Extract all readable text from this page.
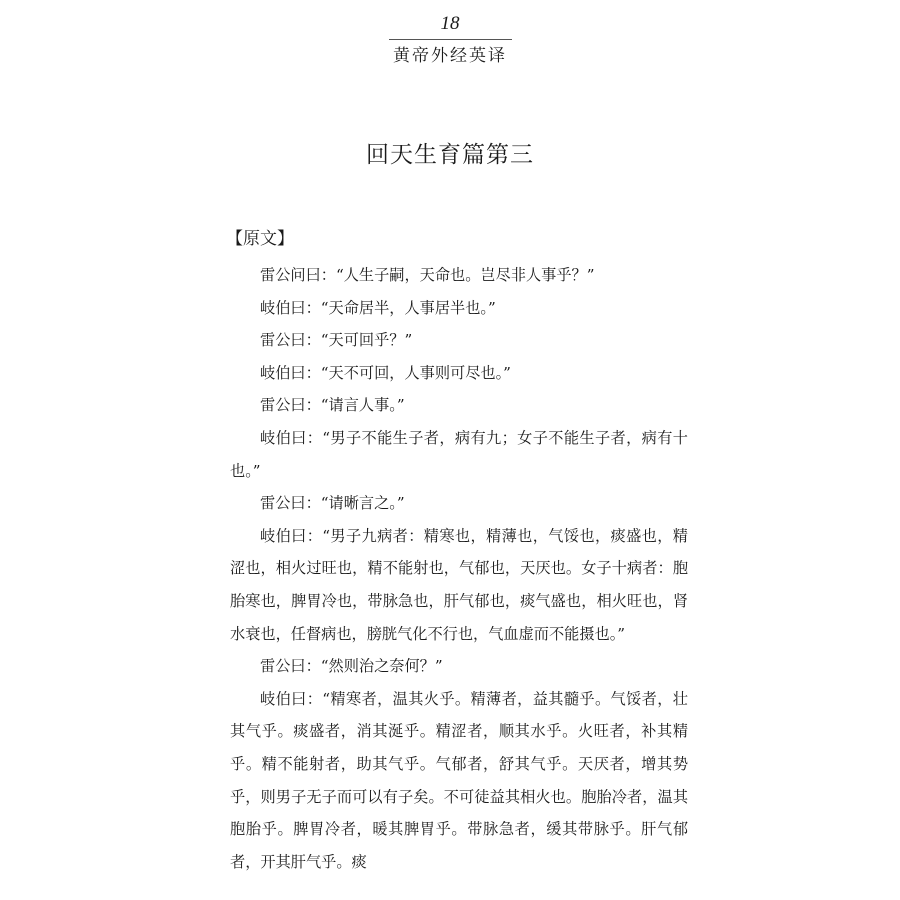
18
黄帝外经英译
回天生育篇第三
【原文】

雷公问曰：“人生子嗣，天命也。岂尽非人事乎？”

岐伯曰：“天命居半，人事居半也。”

雷公曰：“天可回乎？”

岐伯曰：“天不可回，人事则可尽也。”

雷公曰：“请言人事。”

岐伯曰：“男子不能生子者，病有九；女子不能生子者，病有十也。”

雷公曰：“请晰言之。”

岐伯曰：“男子九病者：精寒也，精薄也，气馁也，痰盛也，精涩也，相火过旺也，精不能射也，气郁也，天厌也。女子十病者：胞胎寒也，脾胃冷也，带脉急也，肝气郁也，痰气盛也，相火旺也，肾水衰也，任督病也，膀胱气化不行也，气血虚而不能摄也。”

雷公曰：“然则治之奈何？”

岐伯曰：“精寒者，温其火乎。精薄者，益其髓乎。气馁者，壮其气乎。痰盛者，消其涎乎。精涩者，顺其水乎。火旺者，补其精乎。精不能射者，助其气乎。气郁者，舒其气乎。天厌者，增其势乎，则男子无子而可以有子矣。不可徒益其相火也。胞胎冷者，温其胞胎乎。脾胃冷者，暖其脾胃乎。带脉急者，缓其带脉乎。肝气郁者，开其肝气乎。痰
